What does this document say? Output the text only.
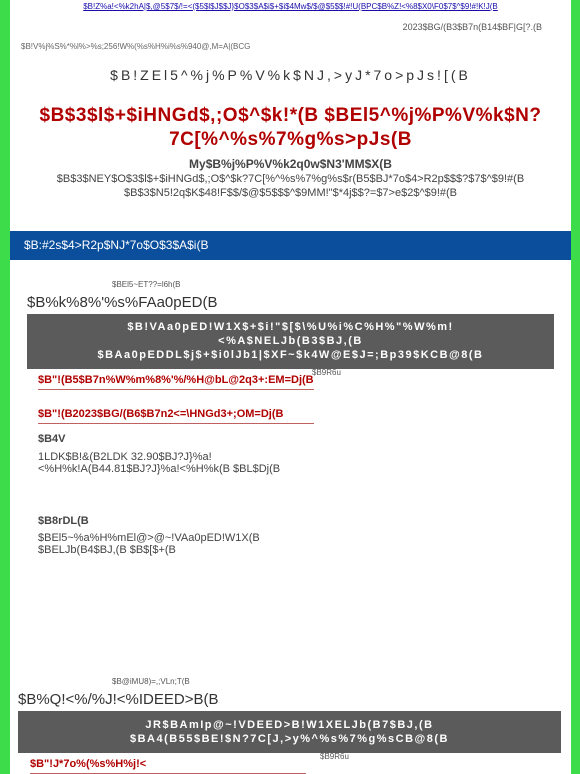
$B!Z%a!<%k2hA|$,@5$7$/!=<($5$l$J$$J}$O$3$A$i$+$i$4Mw$/$@$5$$!#!U(BPC$B%Z!<%8$X0\F0$7$^$9!#!K!J(B
2023$BG/(B3$B7n(B14$BF|G[?.(B
$B!V%j%S%*%l%>%s;256!W%(%s%H%i%s%940@,M=A|(BCG
$B!ZEl5^%j%P%V%k$NJ,>yJ*7o>pJs![(B
$B$3$l$+$iHNGd$,;O$^$k!*(B $BEl5^%j%P%V%k$N?7C[%^%s%7%g%s>pJs(B
My$B%j%P%V%k2q0w$N3'MM$X(B
$B$3$NEY$O$3$l$+$iHNGd$,;O$^$k?7C[%^%s%7%g%s$r(B5$BJ*7o$4>R2p$$$?$7$^$9!#(B $B$3$N5!2q$K$48!F$$/$@$5$$$^$9MM!"$*4j$$?=$7>e$2$^$9!#(B
$B:#2s$4>R2p$NJ*7o$O$3$A$i(B
$BEl5~ET??=l6h(B
$B%k%8%'%s%FAa0pED(B
$B!VAa0pED!W1X$+$i!"$[$\%U%i%C%H%"%W%m!
<%A$NELJb(B3$BJ,(B
$BAa0pEDDL$j$+$i0lJb1|$XF~$k4W@E$J=;Bp39$KCB@8(B
$B9R6u
$B"!(B5$B7n%W%m%8%'%/%H@bL@2q3+:EM=Dj(B
$B"!(B2023$BG/(B6$B7n2<=\HNGd3+;OM=Dj(B
$B4V
1LDK$B!&(B2LDK 32.90$BJ?J}%a!<%H%k!A(B44.81$BJ?J}%a!<%H%k(B $BL$Dj(B
$B8rDL(B
$BEl5~%a%H%mEl@>@~!VAa0pED!W1X(B $BELJb(B4$BJ,(B $B$[$+(B
$B@iMU8)=,;VLn;T(B
$B%Q!<%/%J!<%IDEED>B(B
JR$BAmIp@~!VDEED>B!W1XELJb(B7$BJ,(B
$BA4(B55$BE!$N?7C[J,>y%^%s%7%g%sCB@8(B
$B9R6u
$B"!J*7o%(%s%H%j!<
